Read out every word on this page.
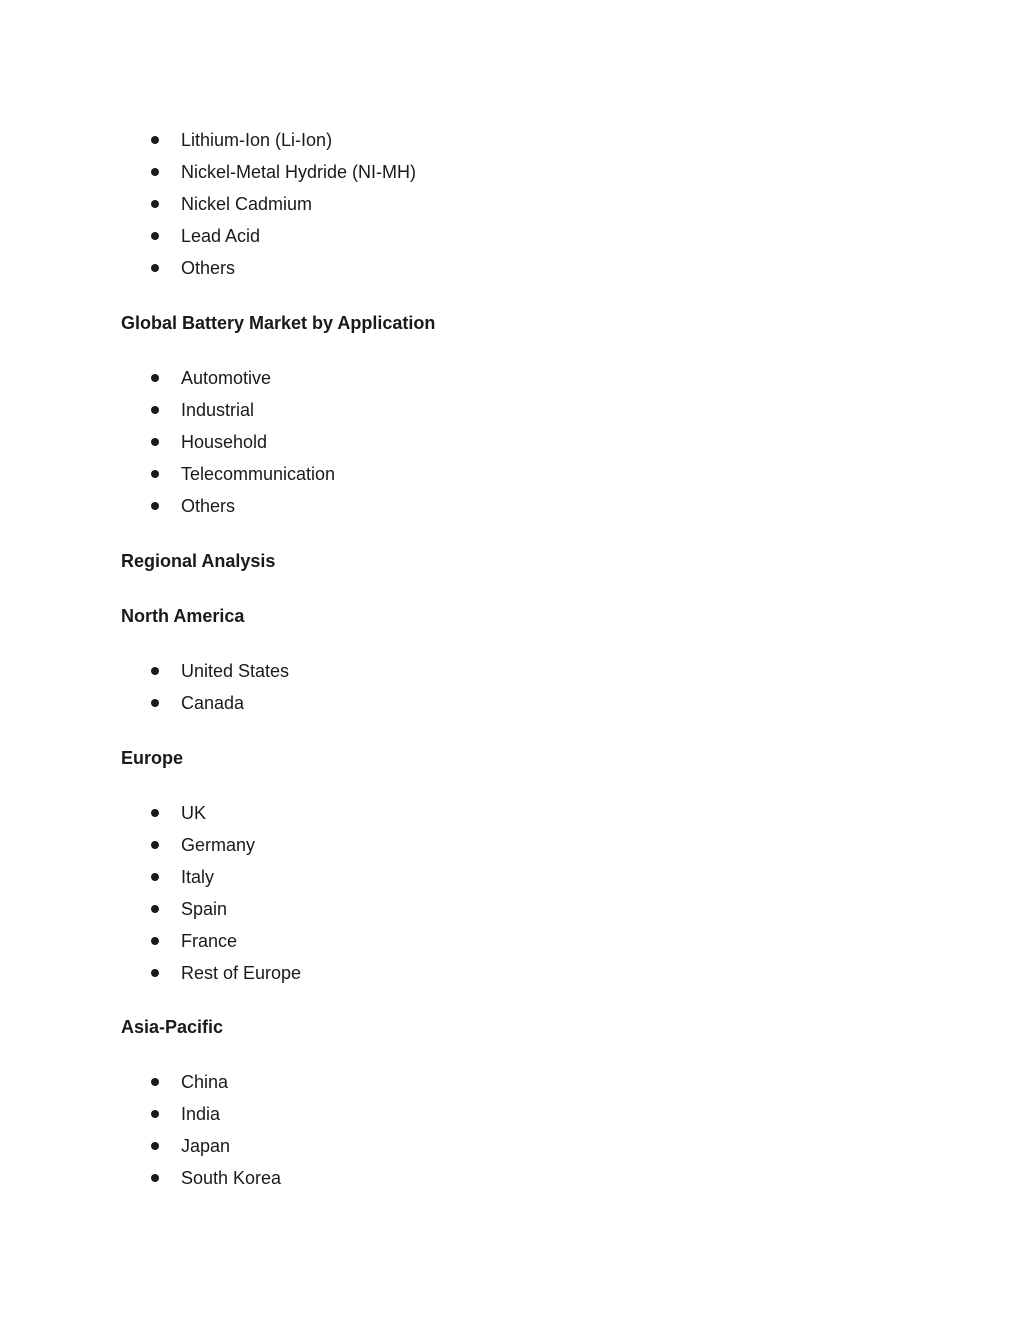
Lithium-Ion (Li-Ion)
Nickel-Metal Hydride (NI-MH)
Nickel Cadmium
Lead Acid
Others
Global Battery Market by Application
Automotive
Industrial
Household
Telecommunication
Others
Regional Analysis
North America
United States
Canada
Europe
UK
Germany
Italy
Spain
France
Rest of Europe
Asia-Pacific
China
India
Japan
South Korea
